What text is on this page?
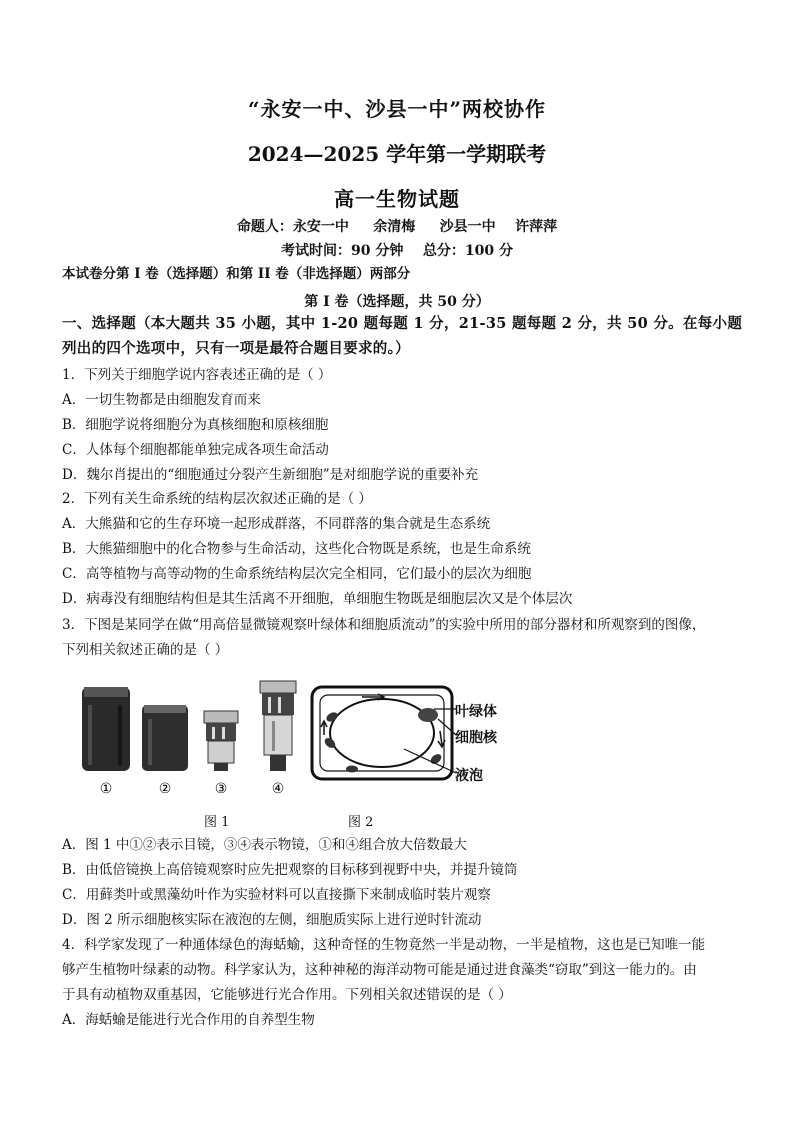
“永安一中、沙县一中”两校协作
2024—2025 学年第一学期联考
高一生物试题
命题人：永安一中     余清梅     沙县一中    许萍萍
考试时间：90 分钟    总分：100 分
本试卷分第 I 卷（选择题）和第 II 卷（非选择题）两部分
第 I 卷（选择题，共 50 分）
一、选择题（本大题共 35 小题，其中 1-20 题每题 1 分，21-35 题每题 2 分，共 50 分。在每小题
列出的四个选项中，只有一项是最符合题目要求的。）
1．下列关于细胞学说内容表述正确的是（ ）
A．一切生物都是由细胞发育而来
B．细胞学说将细胞分为真核细胞和原核细胞
C．人体每个细胞都能单独完成各项生命活动
D．魏尔肖提出的“细胞通过分裂产生新细胞”是对细胞学说的重要补充
2．下列有关生命系统的结构层次叙述正确的是（ ）
A．大熊猫和它的生存环境一起形成群落，不同群落的集合就是生态系统
B．大熊猫细胞中的化合物参与生命活动，这些化合物既是系统，也是生命系统
C．高等植物与高等动物的生命系统结构层次完全相同，它们最小的层次为细胞
D．病毒没有细胞结构但是其生活离不开细胞，单细胞生物既是细胞层次又是个体层次
3．下图是某同学在做“用高倍显微镜观察叶绿体和细胞质流动”的实验中所用的部分器材和所观察到的图像，
下列相关叙述正确的是（ ）
①	②	③	④
叶绿体
细胞核
液泡
图 1	图 2
A．图 1 中①②表示目镜，③④表示物镜，①和④组合放大倍数最大
B．由低倍镜换上高倍镜观察时应先把观察的目标移到视野中央，并提升镜筒
C．用藓类叶或黑藻幼叶作为实验材料可以直接撕下来制成临时装片观察
D．图 2 所示细胞核实际在液泡的左侧，细胞质实际上进行逆时针流动
4．科学家发现了一种通体绿色的海蛞蝓，这种奇怪的生物竟然一半是动物，一半是植物，这也是已知唯一能
够产生植物叶绿素的动物。科学家认为，这种神秘的海洋动物可能是通过进食藻类“窃取”到这一能力的。由
于具有动植物双重基因，它能够进行光合作用。下列相关叙述错误的是（ ）
A．海蛞蝓是能进行光合作用的自养型生物
